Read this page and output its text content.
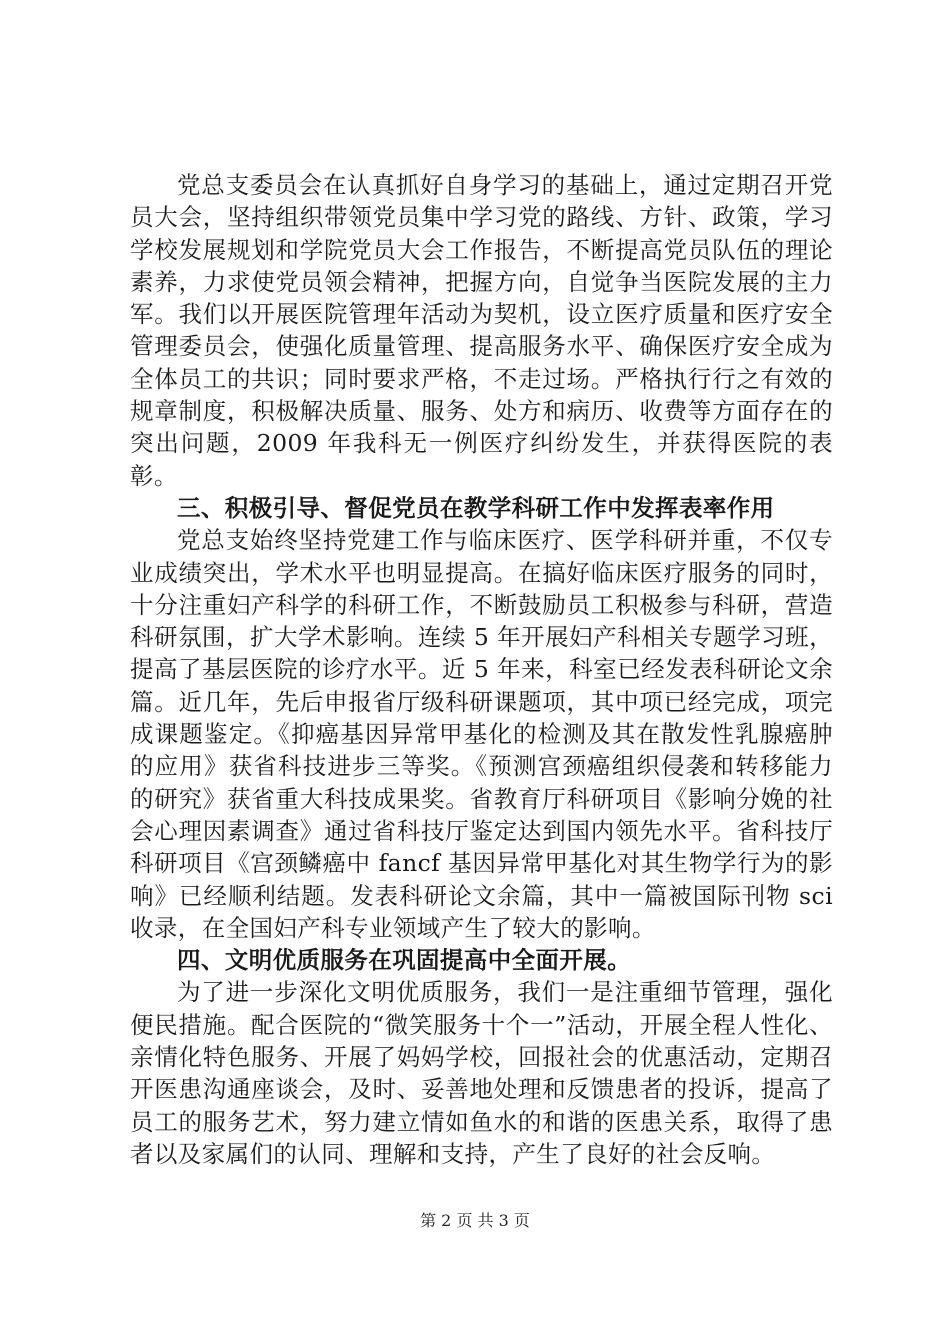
党总支委员会在认真抓好自身学习的基础上，通过定期召开党员大会，坚持组织带领党员集中学习党的路线、方针、政策，学习学校发展规划和学院党员大会工作报告，不断提高党员队伍的理论素养，力求使党员领会精神，把握方向，自觉争当医院发展的主力军。我们以开展医院管理年活动为契机，设立医疗质量和医疗安全管理委员会，使强化质量管理、提高服务水平、确保医疗安全成为全体员工的共识；同时要求严格，不走过场。严格执行行之有效的规章制度，积极解决质量、服务、处方和病历、收费等方面存在的突出问题，2009 年我科无一例医疗纠纷发生，并获得医院的表彰。

三、积极引导、督促党员在教学科研工作中发挥表率作用

党总支始终坚持党建工作与临床医疗、医学科研并重，不仅专业成绩突出，学术水平也明显提高。在搞好临床医疗服务的同时，十分注重妇产科学的科研工作，不断鼓励员工积极参与科研，营造科研氛围，扩大学术影响。连续 5 年开展妇产科相关专题学习班，提高了基层医院的诊疗水平。近 5 年来，科室已经发表科研论文余篇。近几年，先后申报省厅级科研课题项，其中项已经完成，项完成课题鉴定。《抑癌基因异常甲基化的检测及其在散发性乳腺癌肿的应用》获省科技进步三等奖。《预测宫颈癌组织侵袭和转移能力的研究》获省重大科技成果奖。省教育厅科研项目《影响分娩的社会心理因素调查》通过省科技厅鉴定达到国内领先水平。省科技厅科研项目《宫颈鳞癌中 fancf 基因异常甲基化对其生物学行为的影响》已经顺利结题。发表科研论文余篇，其中一篇被国际刊物 sci 收录，在全国妇产科专业领域产生了较大的影响。

四、文明优质服务在巩固提高中全面开展。

为了进一步深化文明优质服务，我们一是注重细节管理，强化便民措施。配合医院的“微笑服务十个一”活动，开展全程人性化、亲情化特色服务、开展了妈妈学校，回报社会的优惠活动，定期召开医患沟通座谈会，及时、妥善地处理和反馈患者的投诉，提高了员工的服务艺术，努力建立情如鱼水的和谐的医患关系，取得了患者以及家属们的认同、理解和支持，产生了良好的社会反响。

第 2 页 共 3 页
